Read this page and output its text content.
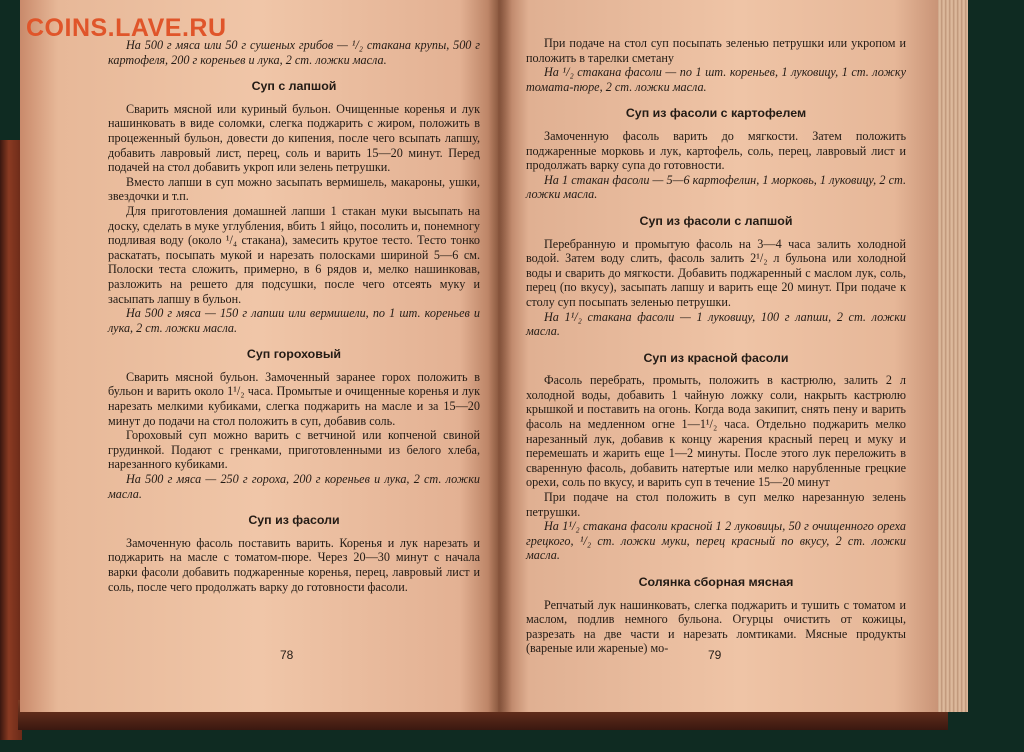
На 500 г мяса или 50 г сушеных грибов — ¹/₂ стакана крупы, 500 г картофеля, 200 г кореньев и лука, 2 ст. ложки масла.

Суп с лапшой

Сварить мясной или куриный бульон. Очищенные коренья и лук нашинковать в виде соломки, слегка поджарить с жиром, положить в процеженный бульон, довести до кипения, после чего всыпать лапшу, добавить лавровый лист, перец, соль и варить 15—20 минут. Перед подачей на стол добавить укроп или зелень петрушки.

Вместо лапши в суп можно засыпать вермишель, макароны, ушки, звездочки и т.п.

Для приготовления домашней лапши 1 стакан муки высыпать на доску, сделать в муке углубления, вбить 1 яйцо, посолить и, понемногу подливая воду (около ¹/₄ стакана), замесить крутое тесто. Тесто тонко раскатать, посыпать мукой и нарезать полосками шириной 5—6 см. Полоски теста сложить, примерно, в 6 рядов и, мелко нашинковав, разложить на решето для подсушки, после чего отсеять муку и засыпать лапшу в бульон.

На 500 г мяса — 150 г лапши или вермишели, по 1 шт. кореньев и лука, 2 ст. ложки масла.

Суп гороховый

Сварить мясной бульон. Замоченный заранее горох положить в бульон и варить около 1¹/₂ часа. Промытые и очищенные коренья и лук нарезать мелкими кубиками, слегка поджарить на масле и за 15—20 минут до подачи на стол положить в суп, добавив соль.

Гороховый суп можно варить с ветчиной или копченой свиной грудинкой. Подают с гренками, приготовленными из белого хлеба, нарезанного кубиками.

На 500 г мяса — 250 г гороха, 200 г кореньев и лука, 2 ст. ложки масла.

Суп из фасоли

Замоченную фасоль поставить варить. Коренья и лук нарезать и поджарить на масле с томатом-пюре. Через 20—30 минут с начала варки фасоли добавить поджаренные коренья, перец, лавровый лист и соль, после чего продолжать варку до готовности фасоли.

78

При подаче на стол суп посыпать зеленью петрушки или укропом и положить в тарелки сметану

На ¹/₂ стакана фасоли — по 1 шт. кореньев, 1 луковицу, 1 ст. ложку томата-пюре, 2 ст. ложки масла.

Суп из фасоли с картофелем

Замоченную фасоль варить до мягкости. Затем положить поджаренные морковь и лук, картофель, соль, перец, лавровый лист и продолжать варку супа до готовности.

На 1 стакан фасоли — 5—6 картофелин, 1 морковь, 1 луковицу, 2 ст. ложки масла.

Суп из фасоли с лапшой

Перебранную и промытую фасоль на 3—4 часа залить холодной водой. Затем воду слить, фасоль залить 2¹/₂ л бульона или холодной воды и сварить до мягкости. Добавить поджаренный с маслом лук, соль, перец (по вкусу), засыпать лапшу и варить еще 20 минут. При подаче к столу суп посыпать зеленью петрушки.

На 1¹/₂ стакана фасоли — 1 луковицу, 100 г лапши, 2 ст. ложки масла.

Суп из красной фасоли

Фасоль перебрать, промыть, положить в кастрюлю, залить 2 л холодной воды, добавить 1 чайную ложку соли, накрыть кастрюлю крышкой и поставить на огонь. Когда вода закипит, снять пену и варить фасоль на медленном огне 1—1¹/₂ часа. Отдельно поджарить мелко нарезанный лук, добавив к концу жарения красный перец и муку и перемешать и жарить еще 1—2 минуты. После этого лук переложить в сваренную фасоль, добавить натертые или мелко нарубленные грецкие орехи, соль по вкусу, и варить суп в течение 15—20 минут

При подаче на стол положить в суп мелко нарезанную зелень петрушки.

На 1¹/₂ стакана фасоли красной 1 2 луковицы, 50 г очищенного ореха грецкого, ¹/₂ ст. ложки муки, перец красный по вкусу, 2 ст. ложки масла.

Солянка сборная мясная

Репчатый лук нашинковать, слегка поджарить и тушить с томатом и маслом, подлив немного бульона. Огурцы очистить от кожицы, разрезать на две части и нарезать ломтиками. Мясные продукты (вареные или жареные) мо-	79
COINS.LAVE.RU
